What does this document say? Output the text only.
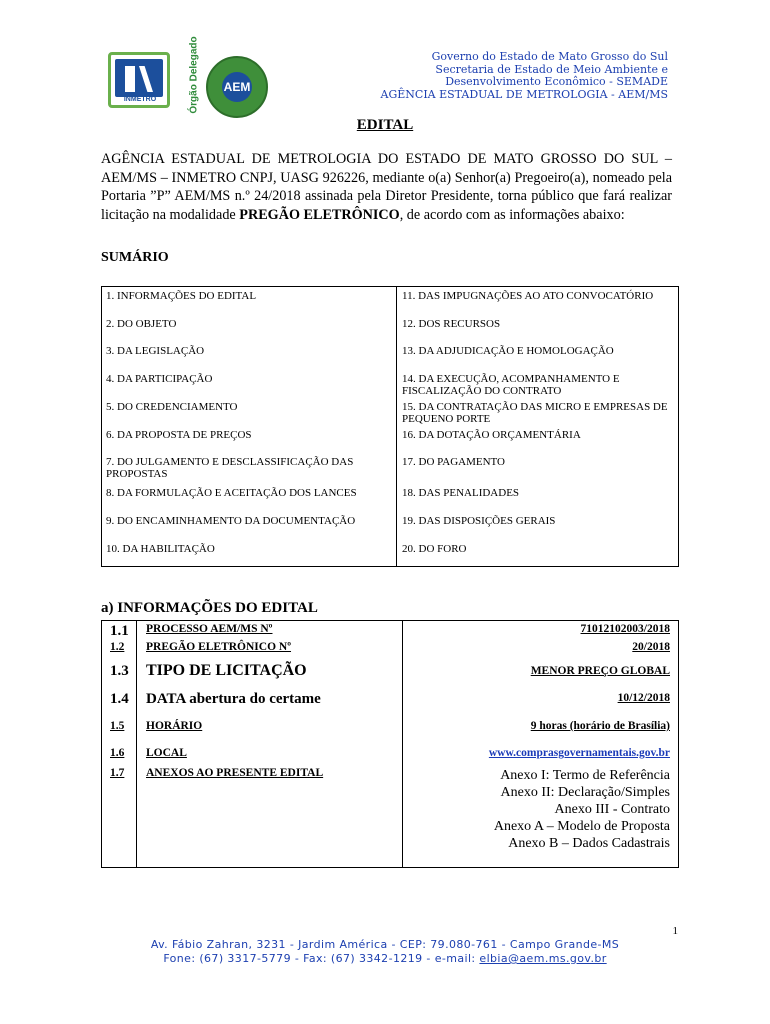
INMETRO	Órgão Delegado AEM
Governo do Estado de Mato Grosso do Sul
Secretaria de Estado de Meio Ambiente e
Desenvolvimento Econômico - SEMADE
AGÊNCIA ESTADUAL DE METROLOGIA - AEM/MS
EDITAL
AGÊNCIA ESTADUAL DE METROLOGIA DO ESTADO DE MATO GROSSO DO SUL – AEM/MS – INMETRO CNPJ, UASG 926226, mediante o(a) Senhor(a) Pregoeiro(a), nomeado pela Portaria ”P” AEM/MS n.º 24/2018 assinada pela Diretor Presidente, torna público que fará realizar licitação na modalidade PREGÃO ELETRÔNICO, de acordo com as informações abaixo:
SUMÁRIO
1. INFORMAÇÕES DO EDITAL
2. DO OBJETO
3. DA LEGISLAÇÃO
4. DA PARTICIPAÇÃO
5. DO CREDENCIAMENTO
6. DA PROPOSTA DE PREÇOS
7. DO JULGAMENTO E DESCLASSIFICAÇÃO DAS PROPOSTAS
8. DA FORMULAÇÃO E ACEITAÇÃO DOS LANCES
9. DO ENCAMINHAMENTO DA DOCUMENTAÇÃO
10. DA HABILITAÇÃO
11. DAS IMPUGNAÇÕES AO ATO CONVOCATÓRIO
12. DOS RECURSOS
13. DA ADJUDICAÇÃO E HOMOLOGAÇÃO
14. DA EXECUÇÃO, ACOMPANHAMENTO E FISCALIZAÇÃO DO CONTRATO
15. DA CONTRATAÇÃO DAS MICRO E EMPRESAS DE PEQUENO PORTE
16. DA DOTAÇÃO ORÇAMENTÁRIA
17. DO PAGAMENTO
18. DAS PENALIDADES
19. DAS DISPOSIÇÕES GERAIS
20. DO FORO
a) INFORMAÇÕES DO EDITAL
1.1 PROCESSO AEM/MS Nº	71012102003/2018
1.2 PREGÃO ELETRÔNICO Nº	20/2018
1.3 TIPO DE LICITAÇÃO	MENOR PREÇO GLOBAL
1.4 DATA abertura do certame	10/12/2018
1.5 HORÁRIO	9 horas (horário de Brasília)
1.6 LOCAL	www.comprasgovernamentais.gov.br
1.7 ANEXOS AO PRESENTE EDITAL	Anexo I: Termo de Referência
Anexo II: Declaração/Simples
Anexo III - Contrato
Anexo A – Modelo de Proposta
Anexo B – Dados Cadastrais
1
Av. Fábio Zahran, 3231 - Jardim América - CEP: 79.080-761 - Campo Grande-MS
Fone: (67) 3317-5779 - Fax: (67) 3342-1219 - e-mail: elbia@aem.ms.gov.br
